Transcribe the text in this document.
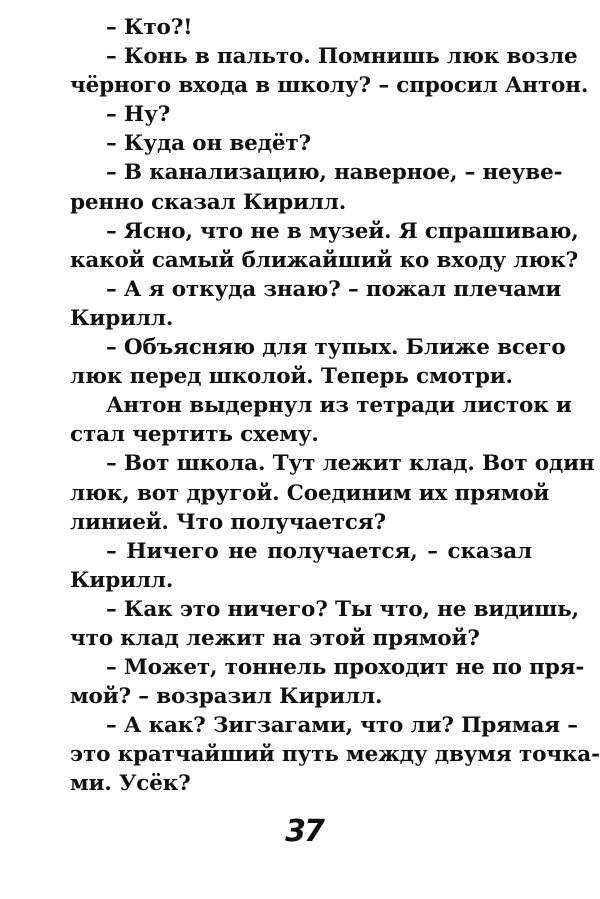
– Кто?!

– Конь в пальто. Помнишь люк возле
чёрного входа в школу? – спросил Антон.

– Ну?

– Куда он ведёт?

– В канализацию, наверное, – неуве-
ренно сказал Кирилл.

– Ясно, что не в музей. Я спрашиваю,
какой самый ближайший ко входу люк?

– А я откуда знаю? – пожал плечами
Кирилл.

– Объясняю для тупых. Ближе всего
люк перед школой. Теперь смотри.

Антон выдернул из тетради листок и
стал чертить схему.

– Вот школа. Тут лежит клад. Вот один
люк, вот другой. Соединим их прямой
линией. Что получается?

– Ничего не получается, – сказал
Кирилл.

– Как это ничего? Ты что, не видишь,
что клад лежит на этой прямой?

– Может, тоннель проходит не по пря-
мой? – возразил Кирилл.

– А как? Зигзагами, что ли? Прямая –
это кратчайший путь между двумя точка-
ми. Усёк?

37
